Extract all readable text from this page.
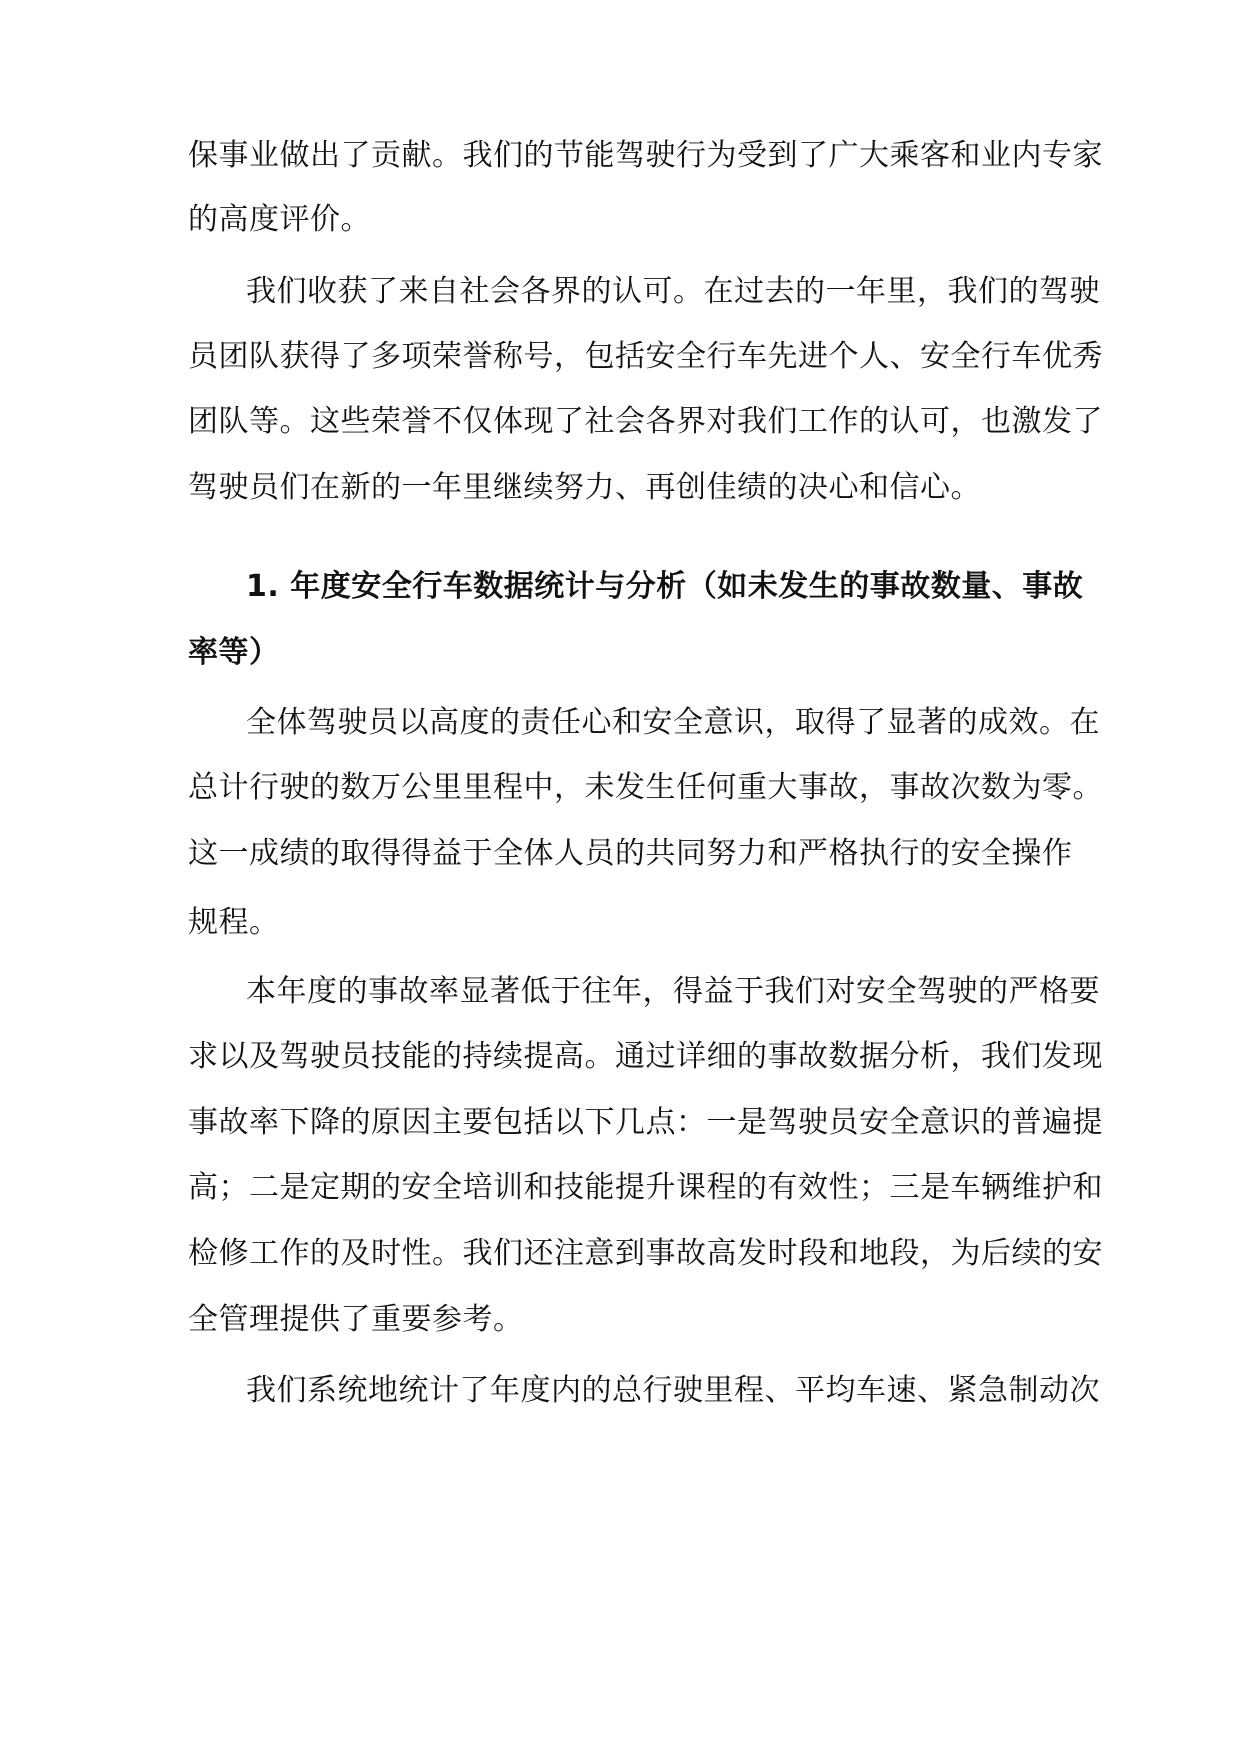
保事业做出了贡献。我们的节能驾驶行为受到了广大乘客和业内专家
的高度评价。
我们收获了来自社会各界的认可。在过去的一年里，我们的驾驶
员团队获得了多项荣誉称号，包括安全行车先进个人、安全行车优秀
团队等。这些荣誉不仅体现了社会各界对我们工作的认可，也激发了
驾驶员们在新的一年里继续努力、再创佳绩的决心和信心。
1. 年度安全行车数据统计与分析（如未发生的事故数量、事故
率等）
全体驾驶员以高度的责任心和安全意识，取得了显著的成效。在
总计行驶的数万公里里程中，未发生任何重大事故，事故次数为零。
这一成绩的取得得益于全体人员的共同努力和严格执行的安全操作
规程。
本年度的事故率显著低于往年，得益于我们对安全驾驶的严格要
求以及驾驶员技能的持续提高。通过详细的事故数据分析，我们发现
事故率下降的原因主要包括以下几点：一是驾驶员安全意识的普遍提
高；二是定期的安全培训和技能提升课程的有效性；三是车辆维护和
检修工作的及时性。我们还注意到事故高发时段和地段，为后续的安
全管理提供了重要参考。
我们系统地统计了年度内的总行驶里程、平均车速、紧急制动次
